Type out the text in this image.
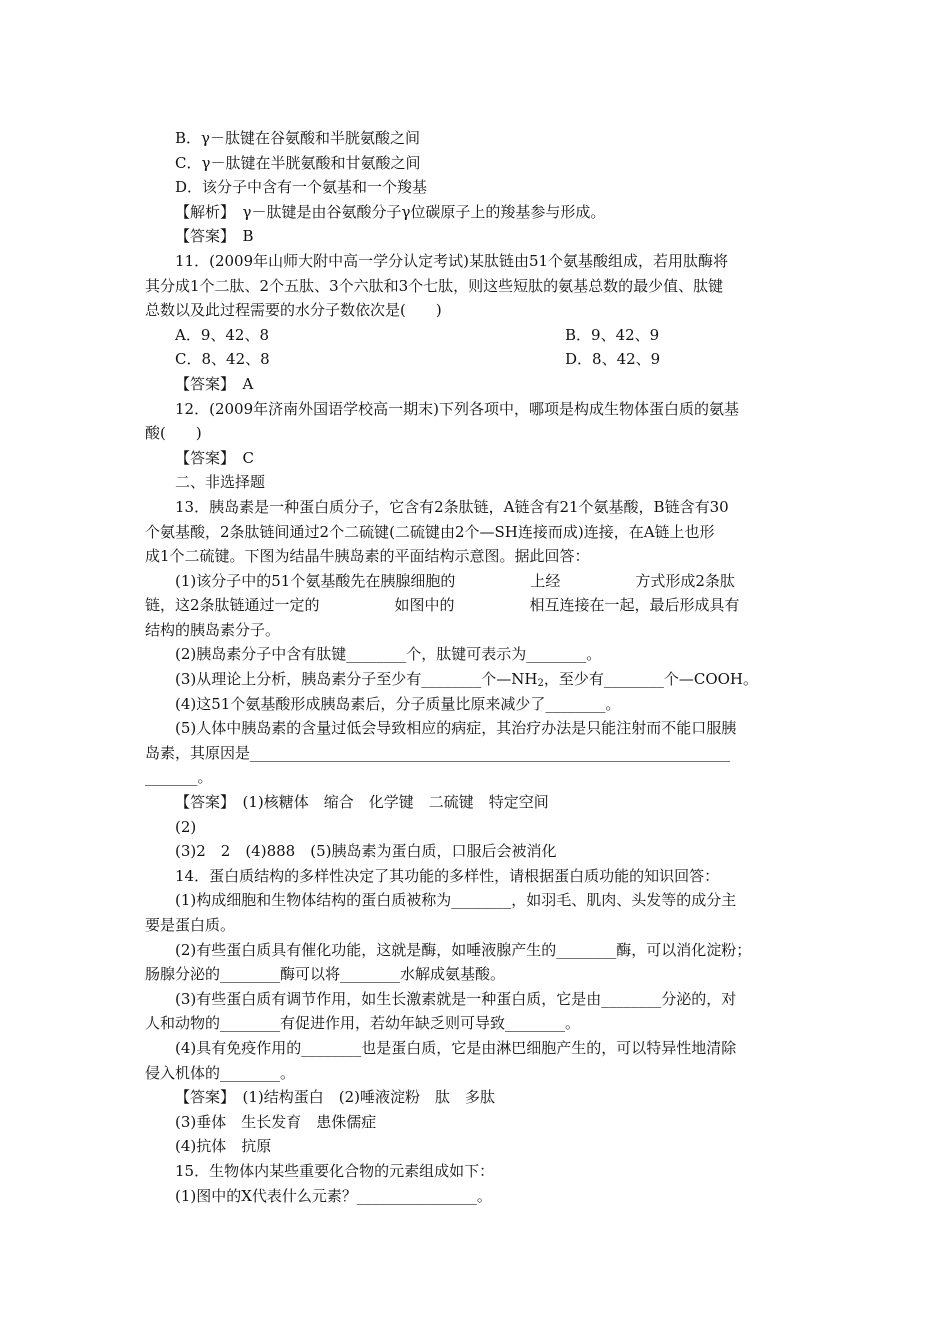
B．γ－肽键在谷氨酸和半胱氨酸之间
C．γ－肽键在半胱氨酸和甘氨酸之间
D．该分子中含有一个氨基和一个羧基
【解析】　γ－肽键是由谷氨酸分子γ位碳原子上的羧基参与形成。
【答案】　B
11．(2009年山师大附中高一学分认定考试)某肽链由51个氨基酸组成，若用肽酶将
其分成1个二肽、2个五肽、3个六肽和3个七肽，则这些短肽的氨基总数的最少值、肽键
总数以及此过程需要的水分子数依次是(　　)
A．9、42、8	B．9、42、9
C．8、42、8	D．8、42、9
【答案】　A
12．(2009年济南外国语学校高一期末)下列各项中，哪项是构成生物体蛋白质的氨基
酸(　　)
【答案】　C
二、非选择题
13．胰岛素是一种蛋白质分子，它含有2条肽链，A链含有21个氨基酸，B链含有30
个氨基酸，2条肽链间通过2个二硫键(二硫键由2个—SH连接而成)连接，在A链上也形
成1个二硫键。下图为结晶牛胰岛素的平面结构示意图。据此回答：
(1)该分子中的51个氨基酸先在胰腺细胞的　　　　　上经　　　　　方式形成2条肽
链，这2条肽链通过一定的　　　　　如图中的　　　　　相互连接在一起，最后形成具有
结构的胰岛素分子。
(2)胰岛素分子中含有肽键________个，肽键可表示为________。
(3)从理论上分析，胰岛素分子至少有________个$—NH_2$，至少有________个—COOH。
(4)这51个氨基酸形成胰岛素后，分子质量比原来减少了________。
(5)人体中胰岛素的含量过低会导致相应的病症，其治疗办法是只能注射而不能口服胰
岛素，其原因是________________________________________________________________
_______。
【答案】　(1)核糖体　缩合　化学键　二硫键　特定空间
(2)
(3)2　2　(4)888　(5)胰岛素为蛋白质，口服后会被消化
14．蛋白质结构的多样性决定了其功能的多样性，请根据蛋白质功能的知识回答：
(1)构成细胞和生物体结构的蛋白质被称为________，如羽毛、肌肉、头发等的成分主
要是蛋白质。
(2)有些蛋白质具有催化功能，这就是酶，如唾液腺产生的________酶，可以消化淀粉；
肠腺分泌的________酶可以将________水解成氨基酸。
(3)有些蛋白质有调节作用，如生长激素就是一种蛋白质，它是由________分泌的，对
人和动物的________有促进作用，若幼年缺乏则可导致________。
(4)具有免疫作用的________也是蛋白质，它是由淋巴细胞产生的，可以特异性地清除
侵入机体的________。
【答案】　(1)结构蛋白　(2)唾液淀粉　肽　多肽
(3)垂体　生长发育　患侏儒症
(4)抗体　抗原
15．生物体内某些重要化合物的元素组成如下：
(1)图中的X代表什么元素？________________。
